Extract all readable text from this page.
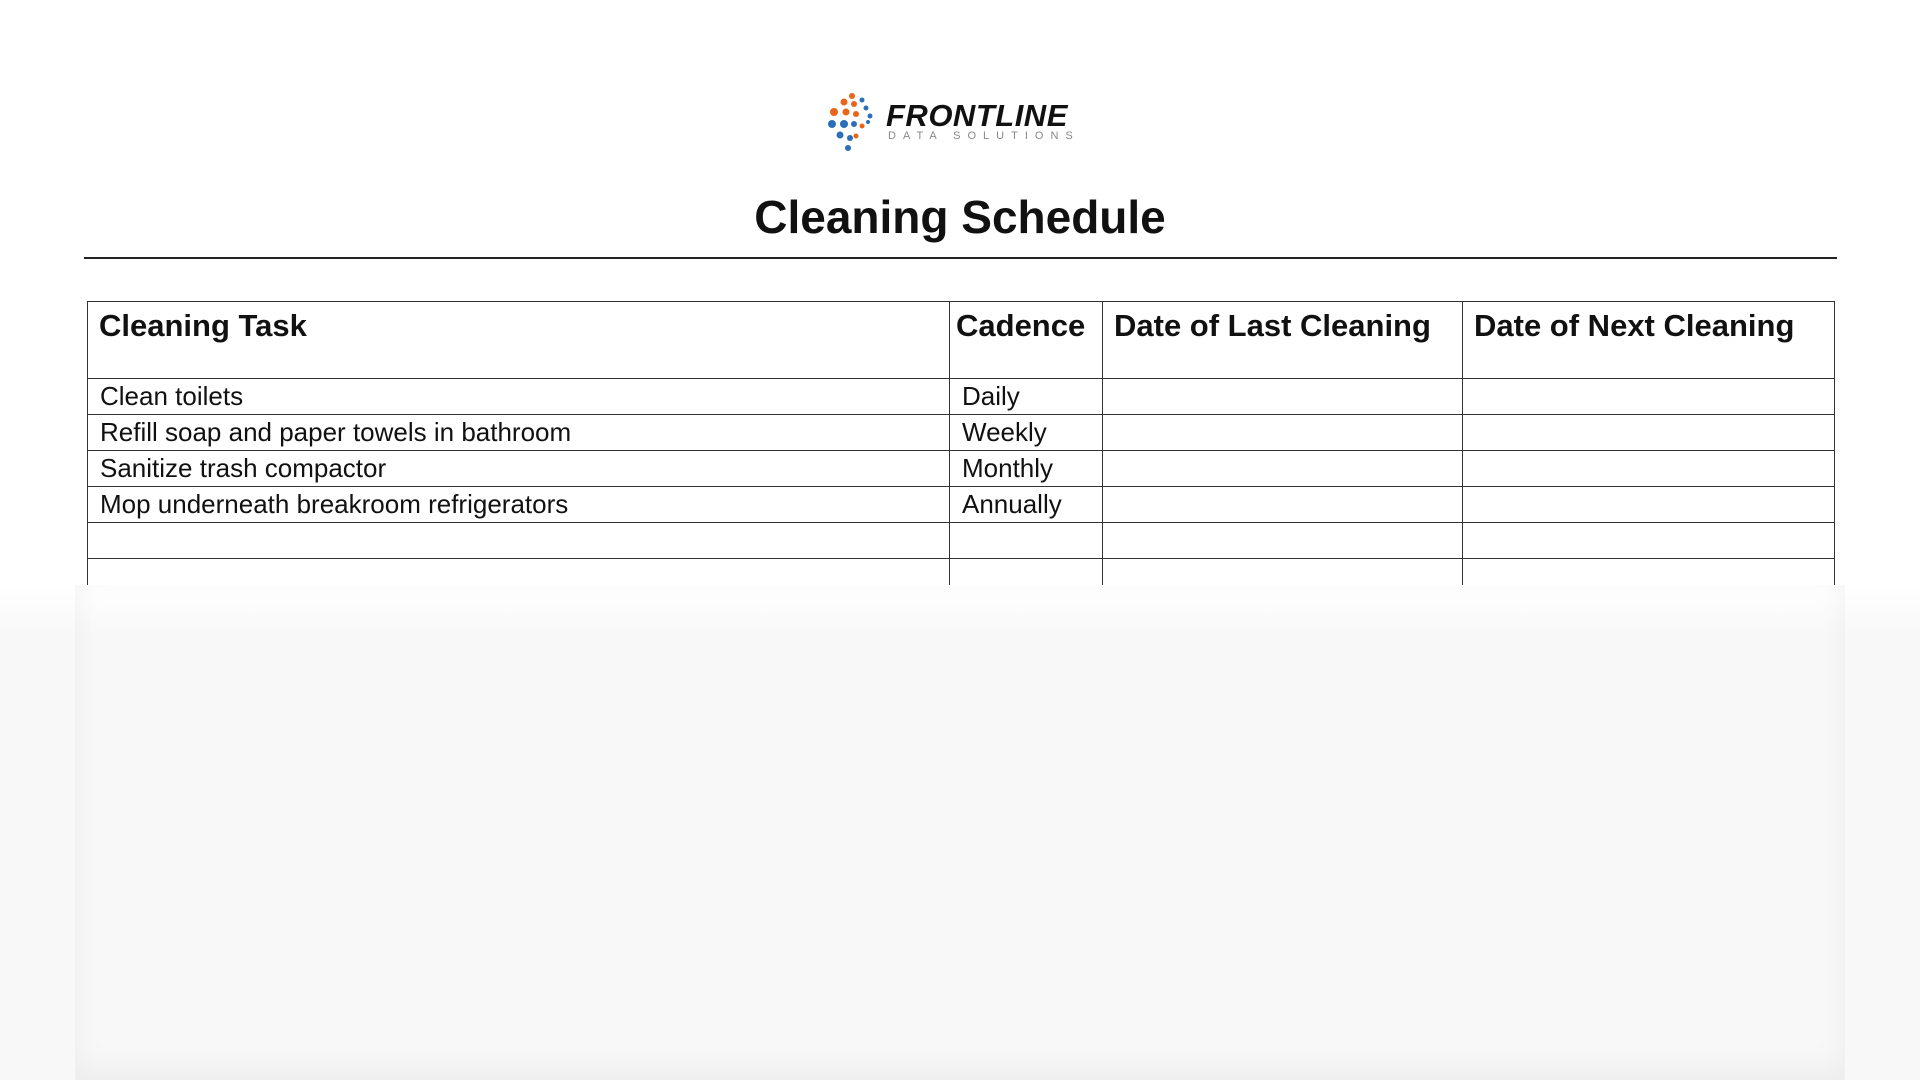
FRONTLINE
DATA SOLUTIONS
Cleaning Schedule
Cleaning Task	Cadence	Date of Last Cleaning	Date of Next Cleaning
Clean toilets	Daily		
Refill soap and paper towels in bathroom	Weekly		
Sanitize trash compactor	Monthly		
Mop underneath breakroom refrigerators	Annually		
